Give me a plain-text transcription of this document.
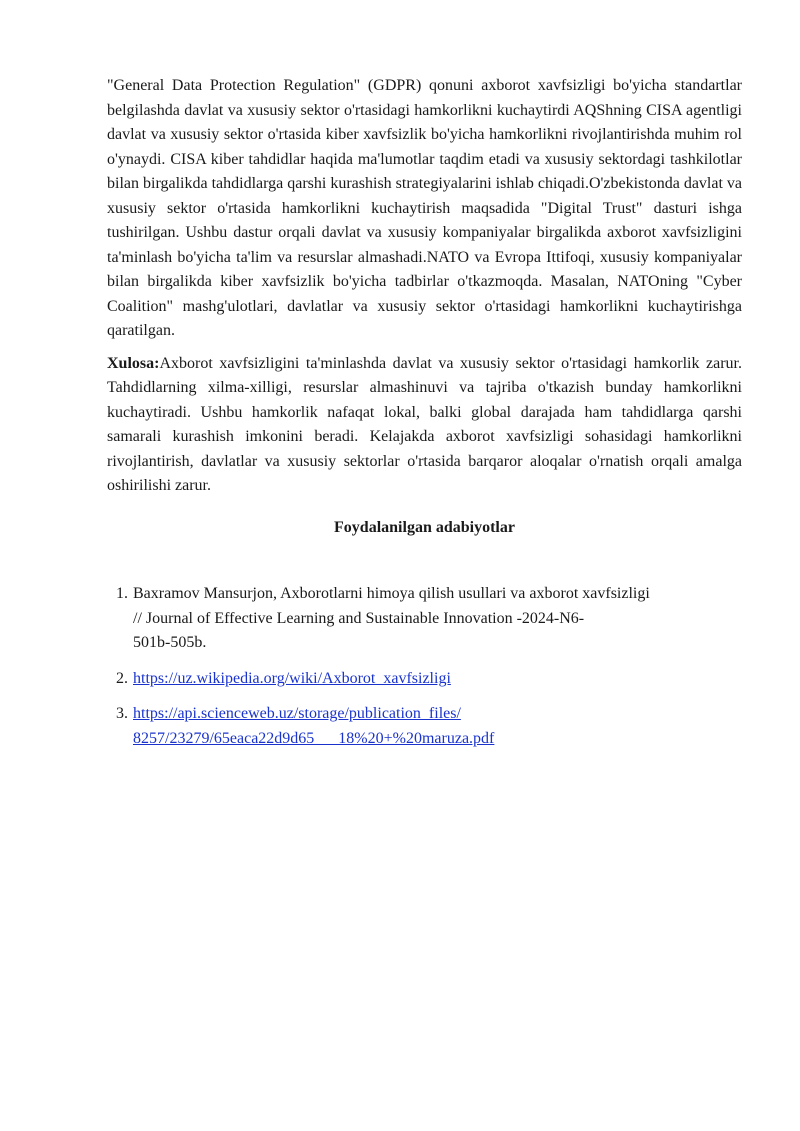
"General Data Protection Regulation" (GDPR) qonuni axborot xavfsizligi bo'yicha standartlar belgilashda davlat va xususiy sektor o'rtasidagi hamkorlikni kuchaytirdi AQShning CISA agentligi davlat va xususiy sektor o'rtasida kiber xavfsizlik bo'yicha hamkorlikni rivojlantirishda muhim rol o'ynaydi. CISA kiber tahdidlar haqida ma'lumotlar taqdim etadi va xususiy sektordagi tashkilotlar bilan birgalikda tahdidlarga qarshi kurashish strategiyalarini ishlab chiqadi.O'zbekistonda davlat va xususiy sektor o'rtasida hamkorlikni kuchaytirish maqsadida "Digital Trust" dasturi ishga tushirilgan. Ushbu dastur orqali davlat va xususiy kompaniyalar birgalikda axborot xavfsizligini ta'minlash bo'yicha ta'lim va resurslar almashadi.NATO va Evropa Ittifoqi, xususiy kompaniyalar bilan birgalikda kiber xavfsizlik bo'yicha tadbirlar o'tkazmoqda. Masalan, NATOning "Cyber Coalition" mashg'ulotlari, davlatlar va xususiy sektor o'rtasidagi hamkorlikni kuchaytirishga qaratilgan.

Xulosa:Axborot xavfsizligini ta'minlashda davlat va xususiy sektor o'rtasidagi hamkorlik zarur. Tahdidlarning xilma-xilligi, resurslar almashinuvi va tajriba o'tkazish bunday hamkorlikni kuchaytiradi. Ushbu hamkorlik nafaqat lokal, balki global darajada ham tahdidlarga qarshi samarali kurashish imkonini beradi. Kelajakda axborot xavfsizligi sohasidagi hamkorlikni rivojlantirish, davlatlar va xususiy sektorlar o'rtasida barqaror aloqalar o'rnatish orqali amalga oshirilishi zarur.

Foydalanilgan adabiyotlar

1. Baxramov Mansurjon, Axborotlarni himoya qilish usullari va axborot xavfsizligi
// Journal of Effective Learning and Sustainable Innovation -2024-N6-
501b-505b.
2. https://uz.wikipedia.org/wiki/Axborot_xavfsizligi
3. https://api.scienceweb.uz/storage/publication_files/
8257/23279/65eaca22d9d65___18%20+%20maruza.pdf
